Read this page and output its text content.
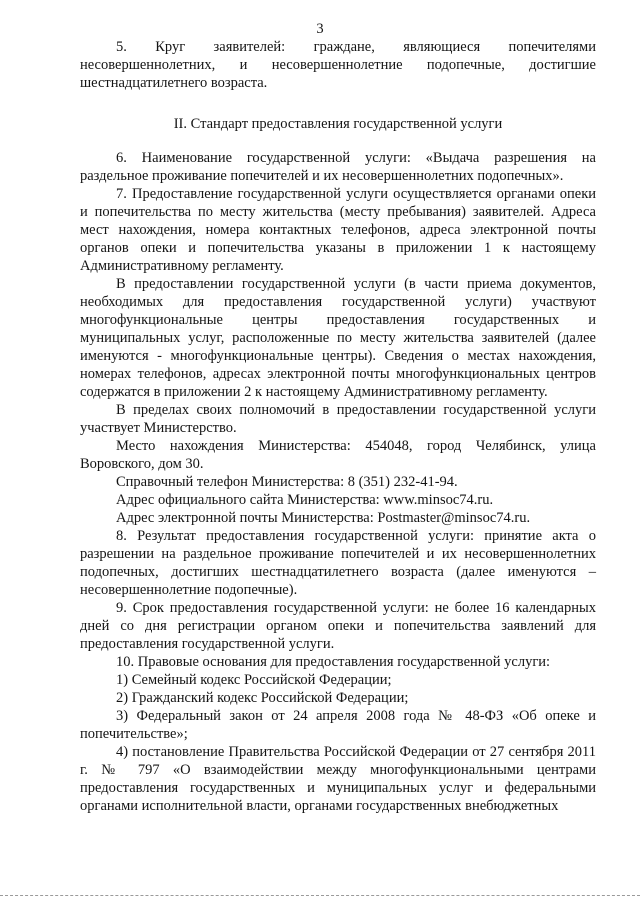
3

5. Круг заявителей: граждане, являющиеся попечителями несовершеннолетних, и несовершеннолетние подопечные, достигшие шестнадцатилетнего возраста.

II. Стандарт предоставления государственной услуги

6. Наименование государственной услуги: «Выдача разрешения на раздельное проживание попечителей и их несовершеннолетних подопечных».

7. Предоставление государственной услуги осуществляется органами опеки и попечительства по месту жительства (месту пребывания) заявителей. Адреса мест нахождения, номера контактных телефонов, адреса электронной почты органов опеки и попечительства указаны в приложении 1 к настоящему Административному регламенту.

В предоставлении государственной услуги (в части приема документов, необходимых для предоставления государственной услуги) участвуют многофункциональные центры предоставления государственных и муниципальных услуг, расположенные по месту жительства заявителей (далее именуются - многофункциональные центры). Сведения о местах нахождения, номерах телефонов, адресах электронной почты многофункциональных центров содержатся в приложении 2 к настоящему Административному регламенту.

В пределах своих полномочий в предоставлении государственной услуги участвует Министерство.

Место нахождения Министерства: 454048, город Челябинск, улица Воровского, дом 30.

Справочный телефон Министерства: 8 (351) 232-41-94.

Адрес официального сайта Министерства: www.minsoc74.ru.

Адрес электронной почты Министерства: Postmaster@minsoc74.ru.

8. Результат предоставления государственной услуги: принятие акта о разрешении на раздельное проживание попечителей и их несовершеннолетних подопечных, достигших шестнадцатилетнего возраста (далее именуются – несовершеннолетние подопечные).

9. Срок предоставления государственной услуги: не более 16 календарных дней со дня регистрации органом опеки и попечительства заявлений для предоставления государственной услуги.

10. Правовые основания для предоставления государственной услуги:

1) Семейный кодекс Российской Федерации;

2) Гражданский кодекс Российской Федерации;

3) Федеральный закон от 24 апреля 2008 года № 48-ФЗ «Об опеке и попечительстве»;

4) постановление Правительства Российской Федерации от 27 сентября 2011 г. № 797 «О взаимодействии между многофункциональными центрами предоставления государственных и муниципальных услуг и федеральными органами исполнительной власти, органами государственных внебюджетных
